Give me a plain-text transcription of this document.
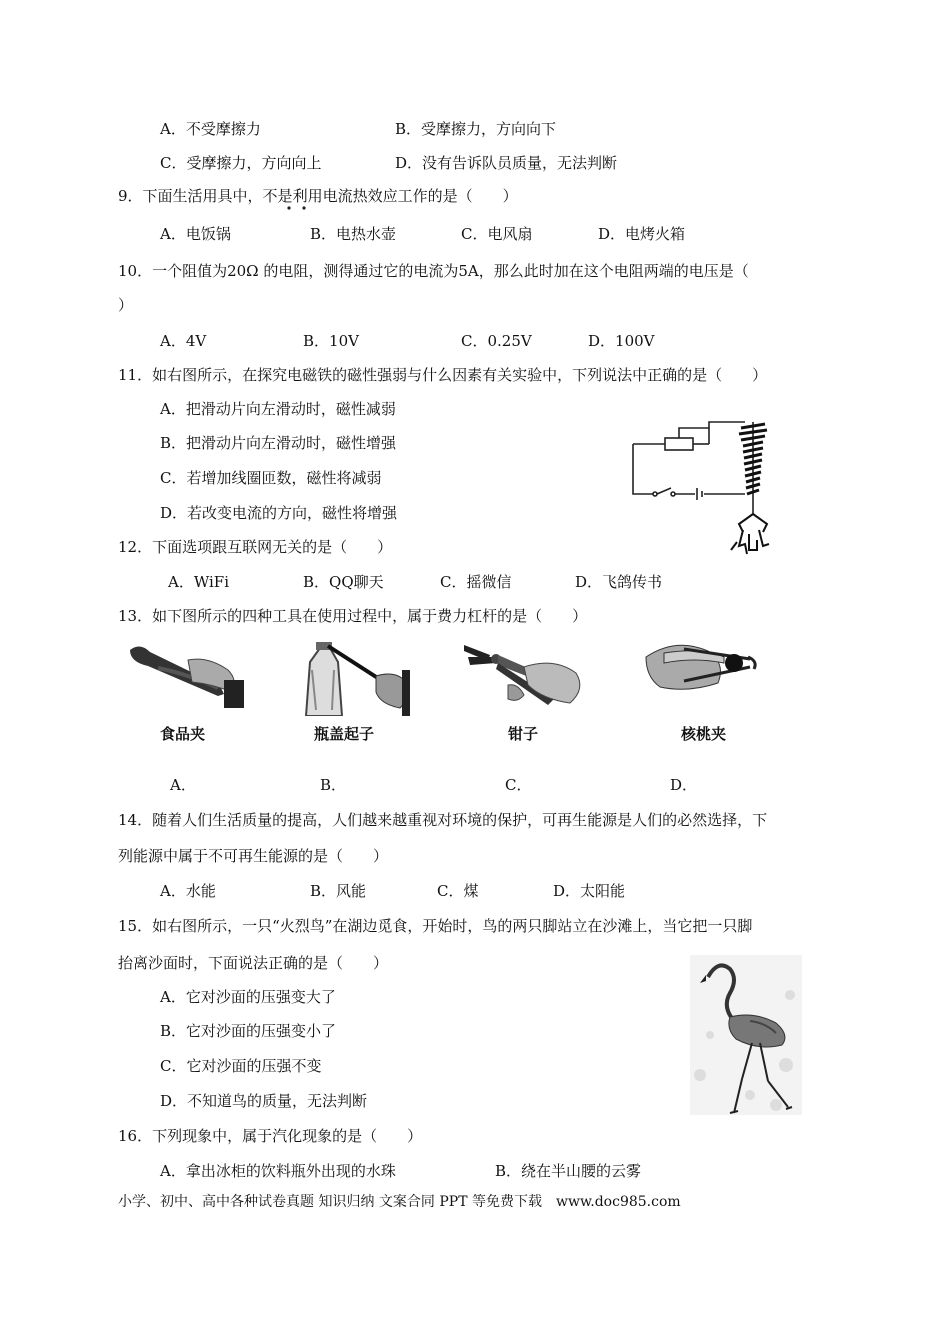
A．不受摩擦力	B．受摩擦力，方向向下
C．受摩擦力，方向向上	D．没有告诉队员质量，无法判断
9．下面生活用具中，不是利用电流热效应工作的是（　　）
A．电饭锅	B．电热水壶	C．电风扇	D．电烤火箱
10．一个阻值为20Ω 的电阻，测得通过它的电流为5A，那么此时加在这个电阻两端的电压是（
）
A．4V	B．10V	C．0.25V	D．100V
11．如右图所示，在探究电磁铁的磁性强弱与什么因素有关实验中，下列说法中正确的是（　　）
A．把滑动片向左滑动时，磁性减弱
B．把滑动片向左滑动时，磁性增强
C．若增加线圈匝数，磁性将减弱
D．若改变电流的方向，磁性将增强
12．下面选项跟互联网无关的是（　　）
A．WiFi	B．QQ聊天	C．摇微信	D．飞鸽传书
13．如下图所示的四种工具在使用过程中，属于费力杠杆的是（　　）
食品夹	瓶盖起子	钳子	核桃夹
A．	B．	C．	D．
14．随着人们生活质量的提高，人们越来越重视对环境的保护，可再生能源是人们的必然选择，下
列能源中属于不可再生能源的是（　　）
A．水能	B．风能	C．煤	D．太阳能
15．如右图所示，一只“火烈鸟”在湖边觅食，开始时，鸟的两只脚站立在沙滩上，当它把一只脚
抬离沙面时，下面说法正确的是（　　）
A．它对沙面的压强变大了
B．它对沙面的压强变小了
C．它对沙面的压强不变
D．不知道鸟的质量，无法判断
16．下列现象中，属于汽化现象的是（　　）
A．拿出冰柜的饮料瓶外出现的水珠	B．绕在半山腰的云雾
小学、初中、高中各种试卷真题 知识归纳 文案合同 PPT 等免费下载　www.doc985.com
